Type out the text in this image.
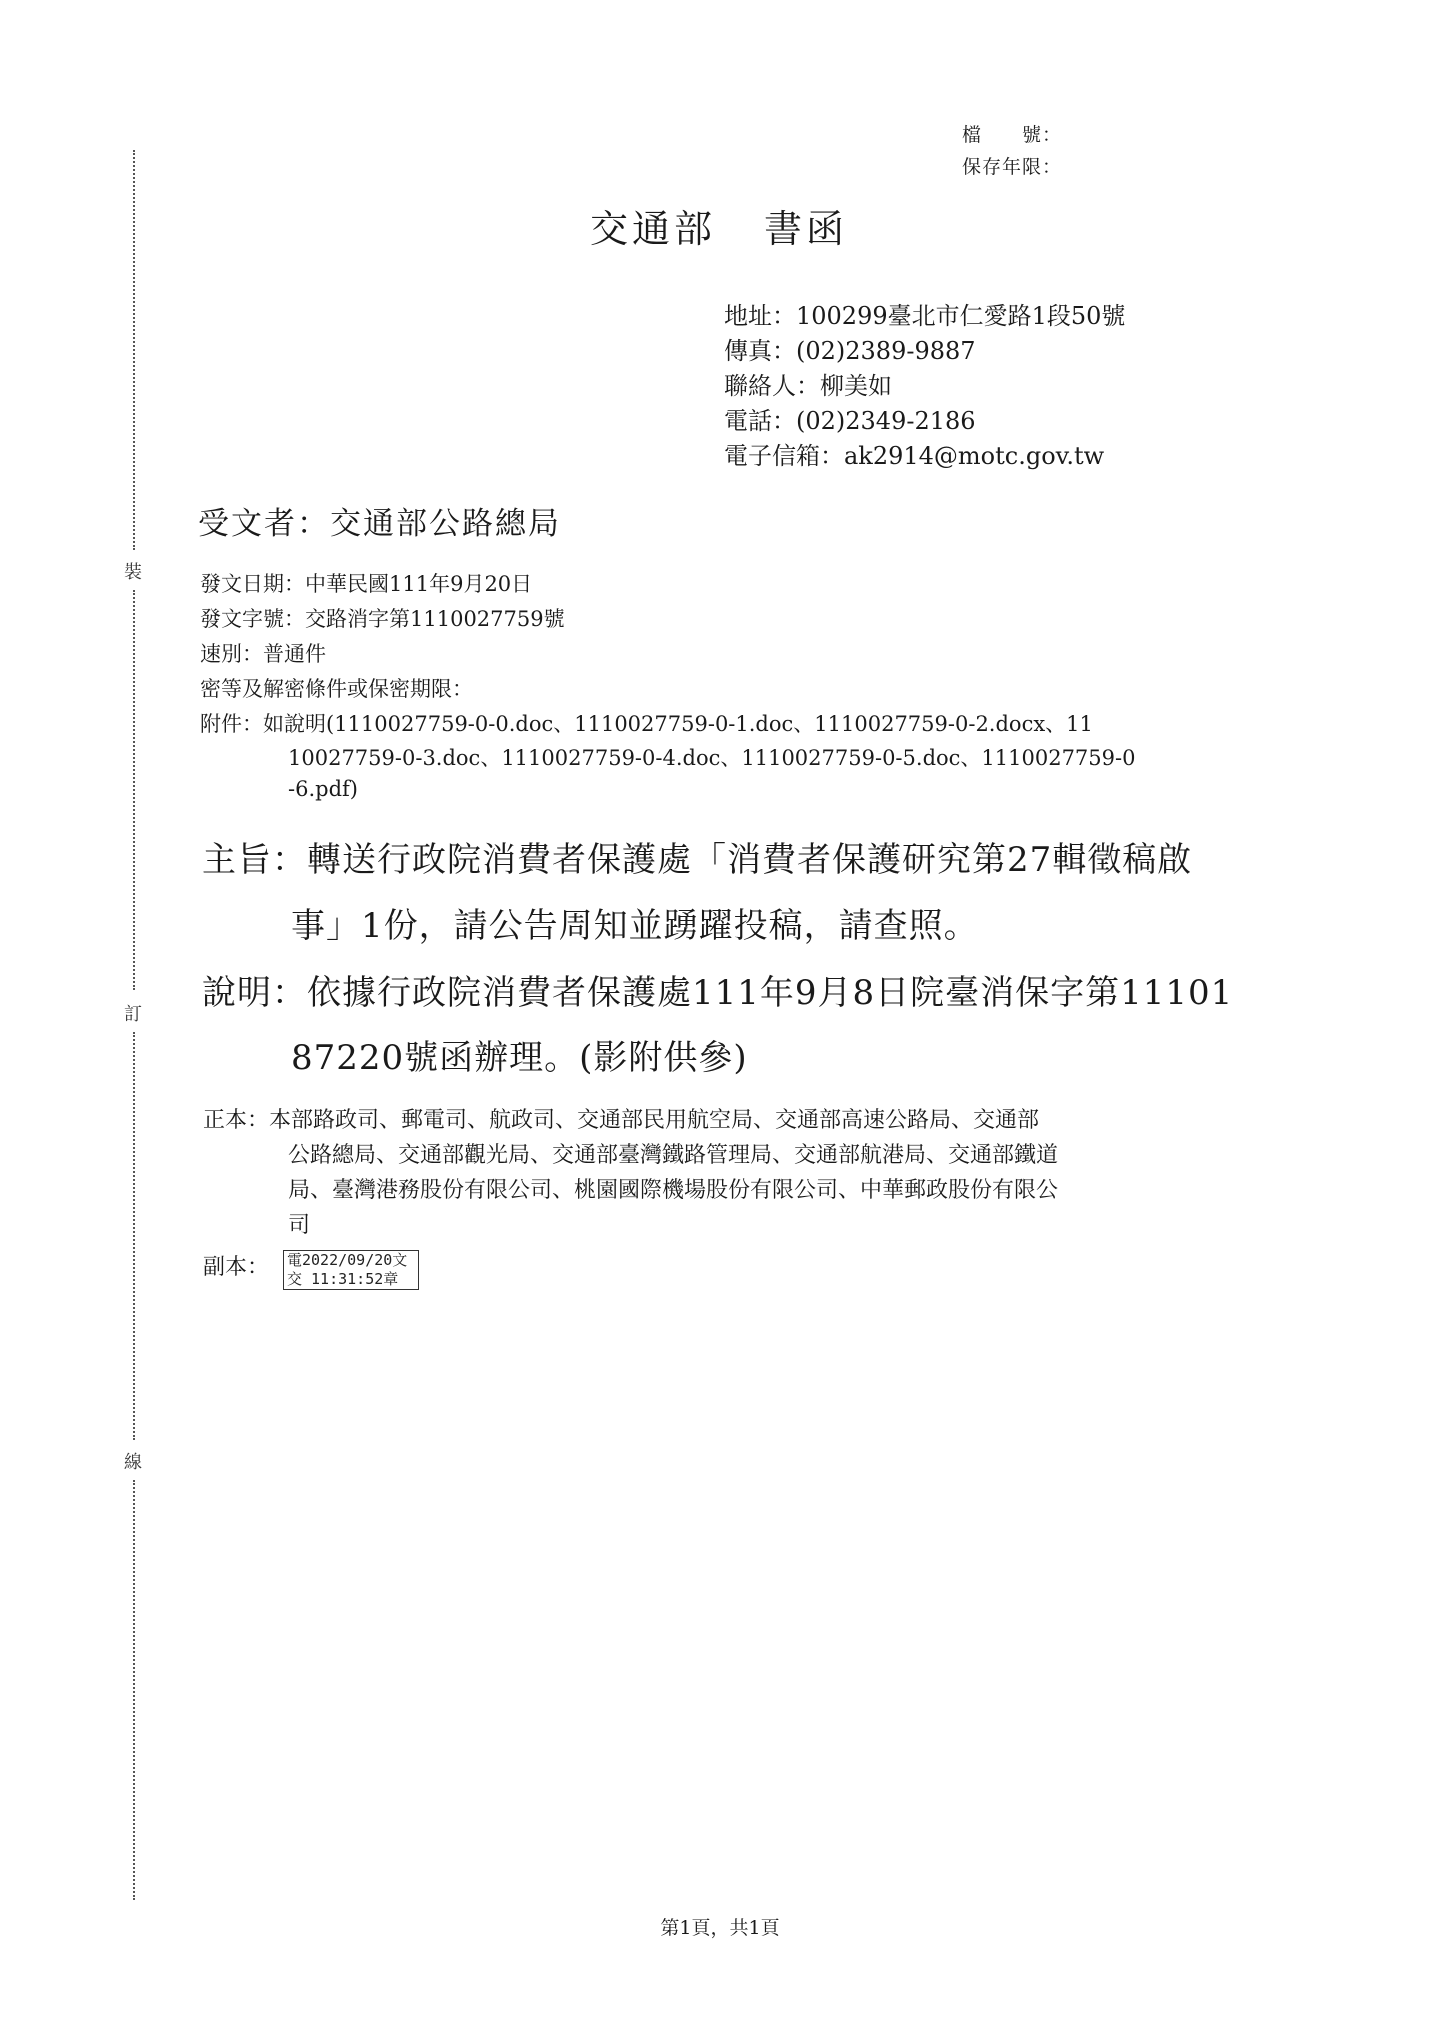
裝
訂
線
檔　　號：
保存年限：
交通部 書函
地址：100299臺北市仁愛路1段50號
傳真：(02)2389-9887
聯絡人：柳美如
電話：(02)2349-2186
電子信箱：ak2914@motc.gov.tw
受文者：交通部公路總局
發文日期：中華民國111年9月20日
發文字號：交路消字第1110027759號
速別：普通件
密等及解密條件或保密期限：
附件：如說明(1110027759-0-0.doc、1110027759-0-1.doc、1110027759-0-2.docx、11
10027759-0-3.doc、1110027759-0-4.doc、1110027759-0-5.doc、1110027759-0
-6.pdf)
主旨：轉送行政院消費者保護處「消費者保護研究第27輯徵稿啟
事」1份，請公告周知並踴躍投稿，請查照。
說明：依據行政院消費者保護處111年9月8日院臺消保字第11101
87220號函辦理。(影附供參)
正本：本部路政司、郵電司、航政司、交通部民用航空局、交通部高速公路局、交通部
公路總局、交通部觀光局、交通部臺灣鐵路管理局、交通部航港局、交通部鐵道
局、臺灣港務股份有限公司、桃園國際機場股份有限公司、中華郵政股份有限公
司
副本： 電2022/09/20文
交 11:31:52章
第1頁，共1頁
